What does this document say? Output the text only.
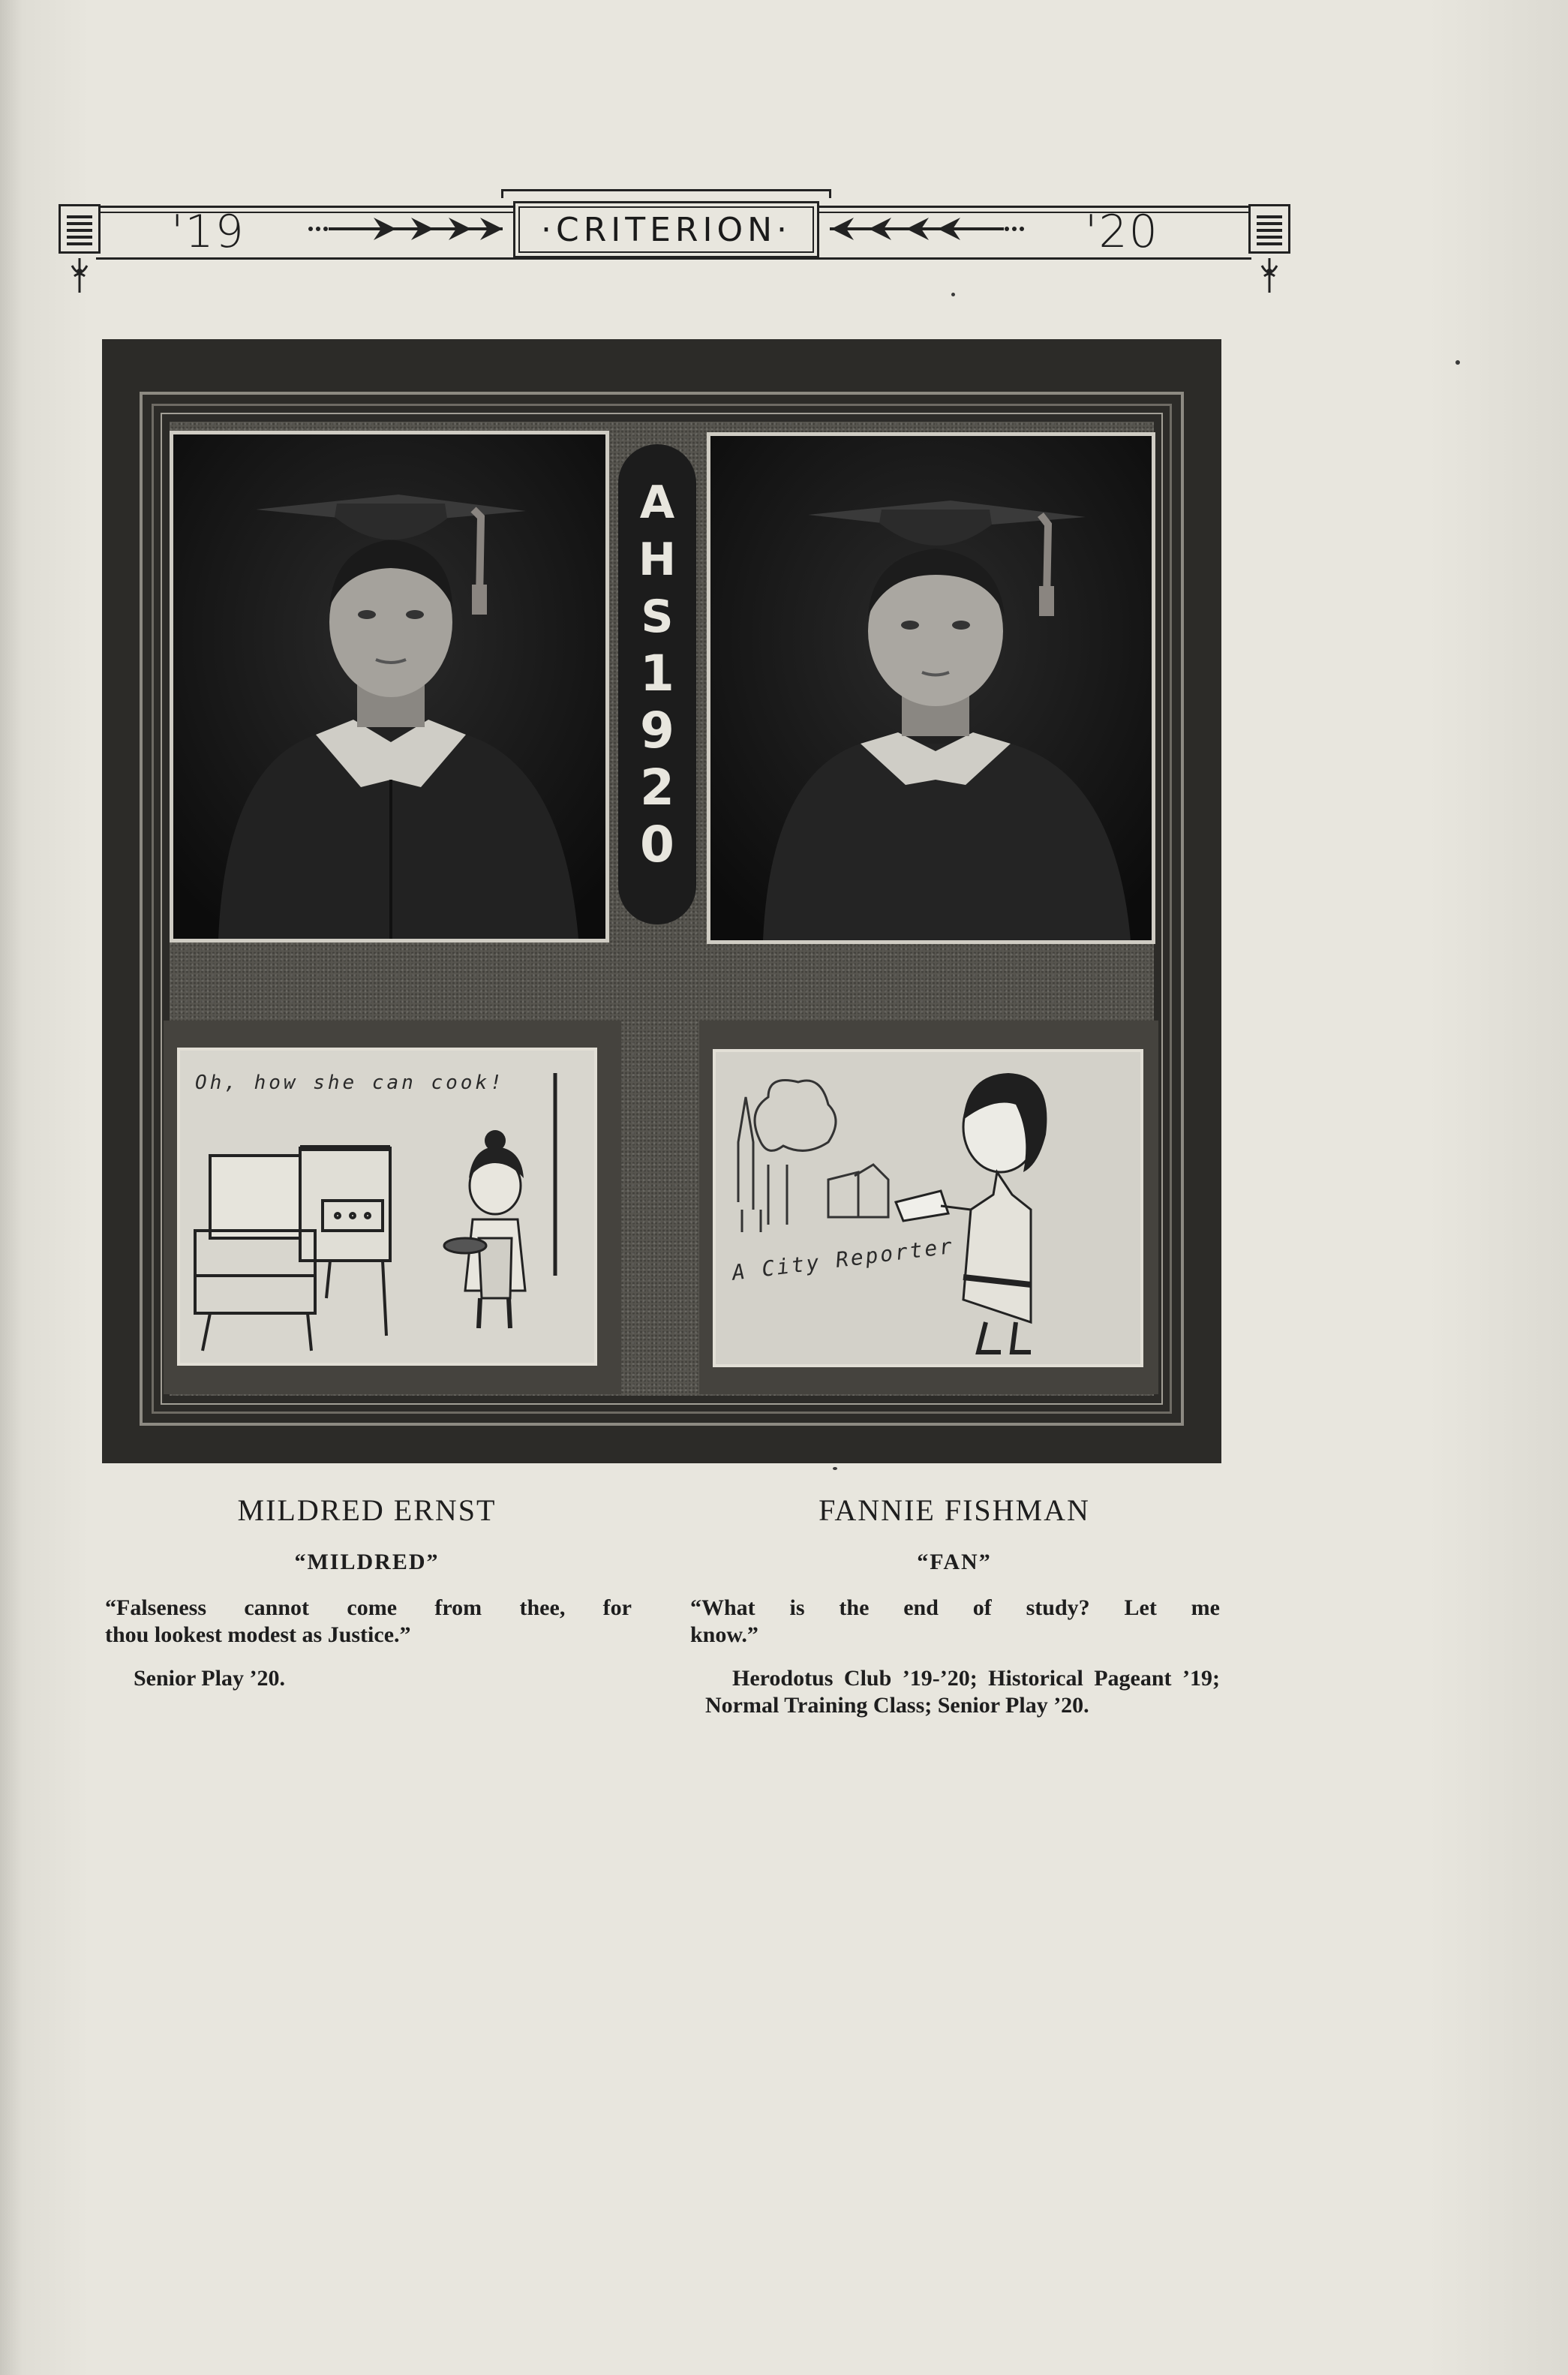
'19	·CRITERION·	'20
A
H
S
1
9
2
0
Oh, how she can cook!
A City Reporter
MILDRED ERNST
“MILDRED”
“Falseness cannot come from thee, for
thou lookest modest as Justice.”
Senior Play ’20.
FANNIE FISHMAN
“FAN”
“What is the end of study? Let me
know.”
Herodotus Club ’19-’20; Historical Pageant ’19; Normal Training Class; Senior Play ’20.
